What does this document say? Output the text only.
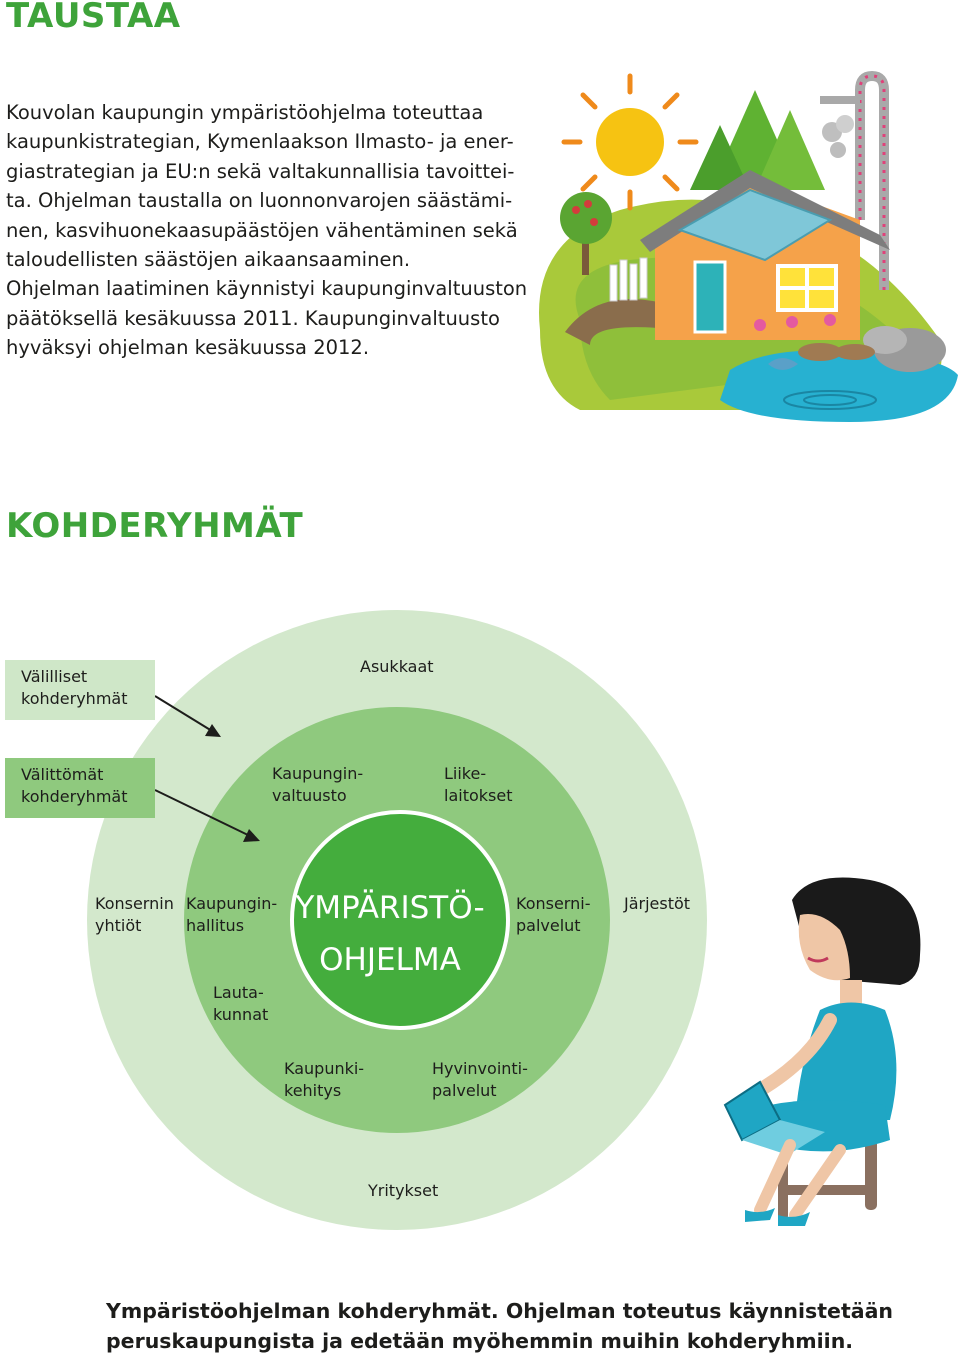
TAUSTAA
Kouvolan kaupungin ympäristöohjelma toteuttaa
kaupunkistrategian, Kymenlaakson Ilmasto- ja ener-
giastrategian ja EU:n sekä valtakunnallisia tavoittei-
ta. Ohjelman taustalla on luonnonvarojen säästämi-
nen, kasvihuonekaasupäästöjen vähentäminen sekä
taloudellisten säästöjen aikaansaaminen.
Ohjelman laatiminen käynnistyi kaupunginvaltuuston
päätöksellä kesäkuussa 2011. Kaupunginvaltuusto
hyväksyi ohjelman kesäkuussa 2012.
KOHDERYHMÄT
Välilliset
kohderyhmät
Välittömät
kohderyhmät
Asukkaat
Konsernin
yhtiöt
Järjestöt
Yritykset
Kaupungin-
valtuusto
Liike-
laitokset
Kaupungin-
hallitus
Lauta-
kunnat
Konserni-
palvelut
Kaupunki-
kehitys
Hyvinvointi-
palvelut
YMPÄRISTÖ-
OHJELMA
Ympäristöohjelman kohderyhmät. Ohjelman toteutus käynnistetään
peruskaupungista ja edetään myöhemmin muihin kohderyhmiin.
